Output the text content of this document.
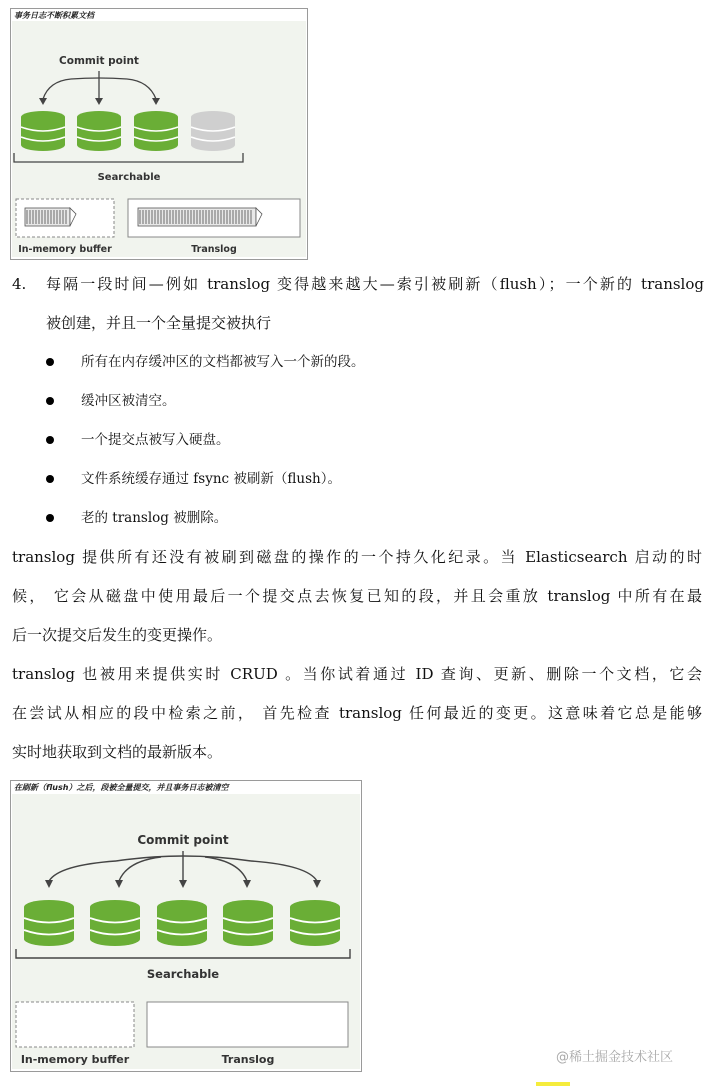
Commit point
Searchable
In-memory buffer	Translog
事务日志不断积累文档
4. 每隔一段时间—例如 translog 变得越来越大—索引被刷新（flush）；一个新的 translog
被创建，并且一个全量提交被执行
所有在内存缓冲区的文档都被写入一个新的段。
缓冲区被清空。
一个提交点被写入硬盘。
文件系统缓存通过 fsync 被刷新（flush）。
老的 translog 被删除。
translog 提供所有还没有被刷到磁盘的操作的一个持久化纪录。当 Elasticsearch 启动的时
候， 它会从磁盘中使用最后一个提交点去恢复已知的段，并且会重放 translog 中所有在最
后一次提交后发生的变更操作。
translog 也被用来提供实时 CRUD 。当你试着通过 ID 查询、更新、删除一个文档，它会
在尝试从相应的段中检索之前， 首先检查 translog 任何最近的变更。这意味着它总是能够
实时地获取到文档的最新版本。
Commit point
Searchable
In-memory buffer	Translog
在刷新（flush）之后，段被全量提交，并且事务日志被清空
@稀土掘金技术社区
